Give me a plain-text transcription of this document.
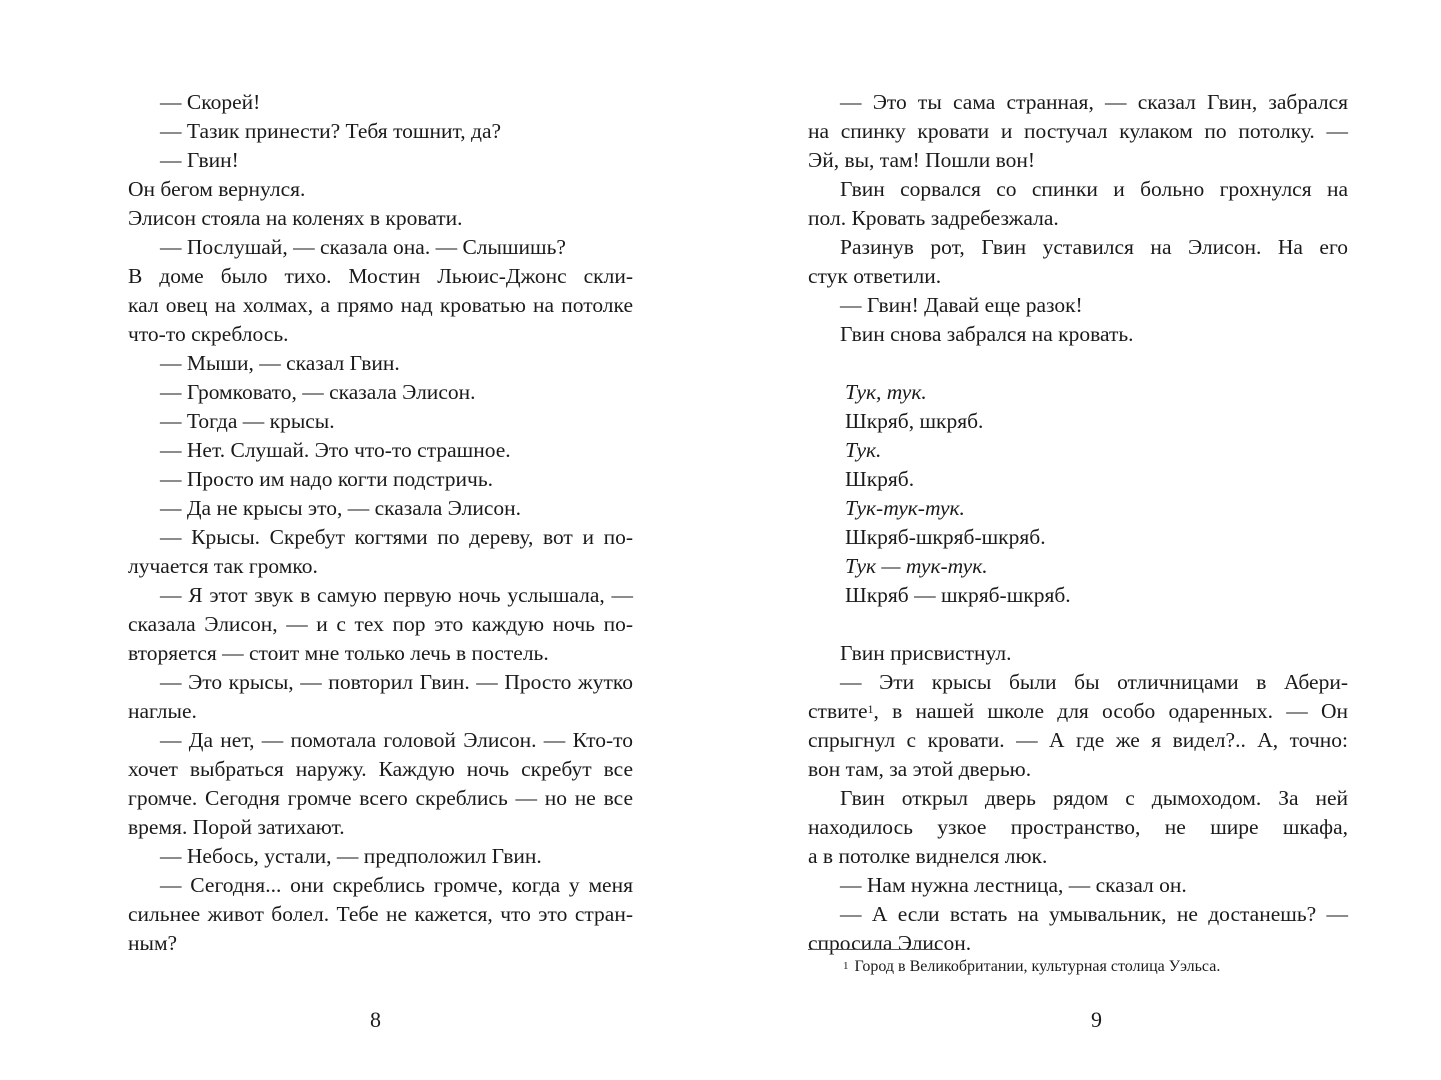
— Скорей!
— Тазик принести? Тебя тошнит, да?
— Гвин!
Он бегом вернулся.
Элисон стояла на коленях в кровати.
— Послушай, — сказала она. — Слышишь?
В доме было тихо. Мостин Льюис-Джонс скли-
кал овец на холмах, а прямо над кроватью на потолке
что-то скреблось.
— Мыши, — сказал Гвин.
— Громковато, — сказала Элисон.
— Тогда — крысы.
— Нет. Слушай. Это что-то страшное.
— Просто им надо когти подстричь.
— Да не крысы это, — сказала Элисон.
— Крысы. Скребут когтями по дереву, вот и по-
лучается так громко.
— Я этот звук в самую первую ночь услышала, —
сказала Элисон, — и с тех пор это каждую ночь по-
вторяется — стоит мне только лечь в постель.
— Это крысы, — повторил Гвин. — Просто жутко
наглые.
— Да нет, — помотала головой Элисон. — Кто-то
хочет выбраться наружу. Каждую ночь скребут все
громче. Сегодня громче всего скреблись — но не все
время. Порой затихают.
— Небось, устали, — предположил Гвин.
— Сегодня... они скреблись громче, когда у меня
сильнее живот болел. Тебе не кажется, что это стран-
ным?
— Это ты сама странная, — сказал Гвин, забрался
на спинку кровати и постучал кулаком по потолку. —
Эй, вы, там! Пошли вон!
Гвин сорвался со спинки и больно грохнулся на
пол. Кровать задребезжала.
Разинув рот, Гвин уставился на Элисон. На его
стук ответили.
— Гвин! Давай еще разок!
Гвин снова забрался на кровать.
Тук, тук.
Шкряб, шкряб.
Тук.
Шкряб.
Тук-тук-тук.
Шкряб-шкряб-шкряб.
Тук — тук-тук.
Шкряб — шкряб-шкряб.
Гвин присвистнул.
— Эти крысы были бы отличницами в Абери-
ствите$^1$, в нашей школе для особо одаренных. — Он
спрыгнул с кровати. — А где же я видел?.. А, точно:
вон там, за этой дверью.
Гвин открыл дверь рядом с дымоходом. За ней
находилось узкое пространство, не шире шкафа,
а в потолке виднелся люк.
— Нам нужна лестница, — сказал он.
— А если встать на умывальник, не достанешь? —
спросила Элисон.
$^1$ Город в Великобритании, культурная столица Уэльса.
8	9
